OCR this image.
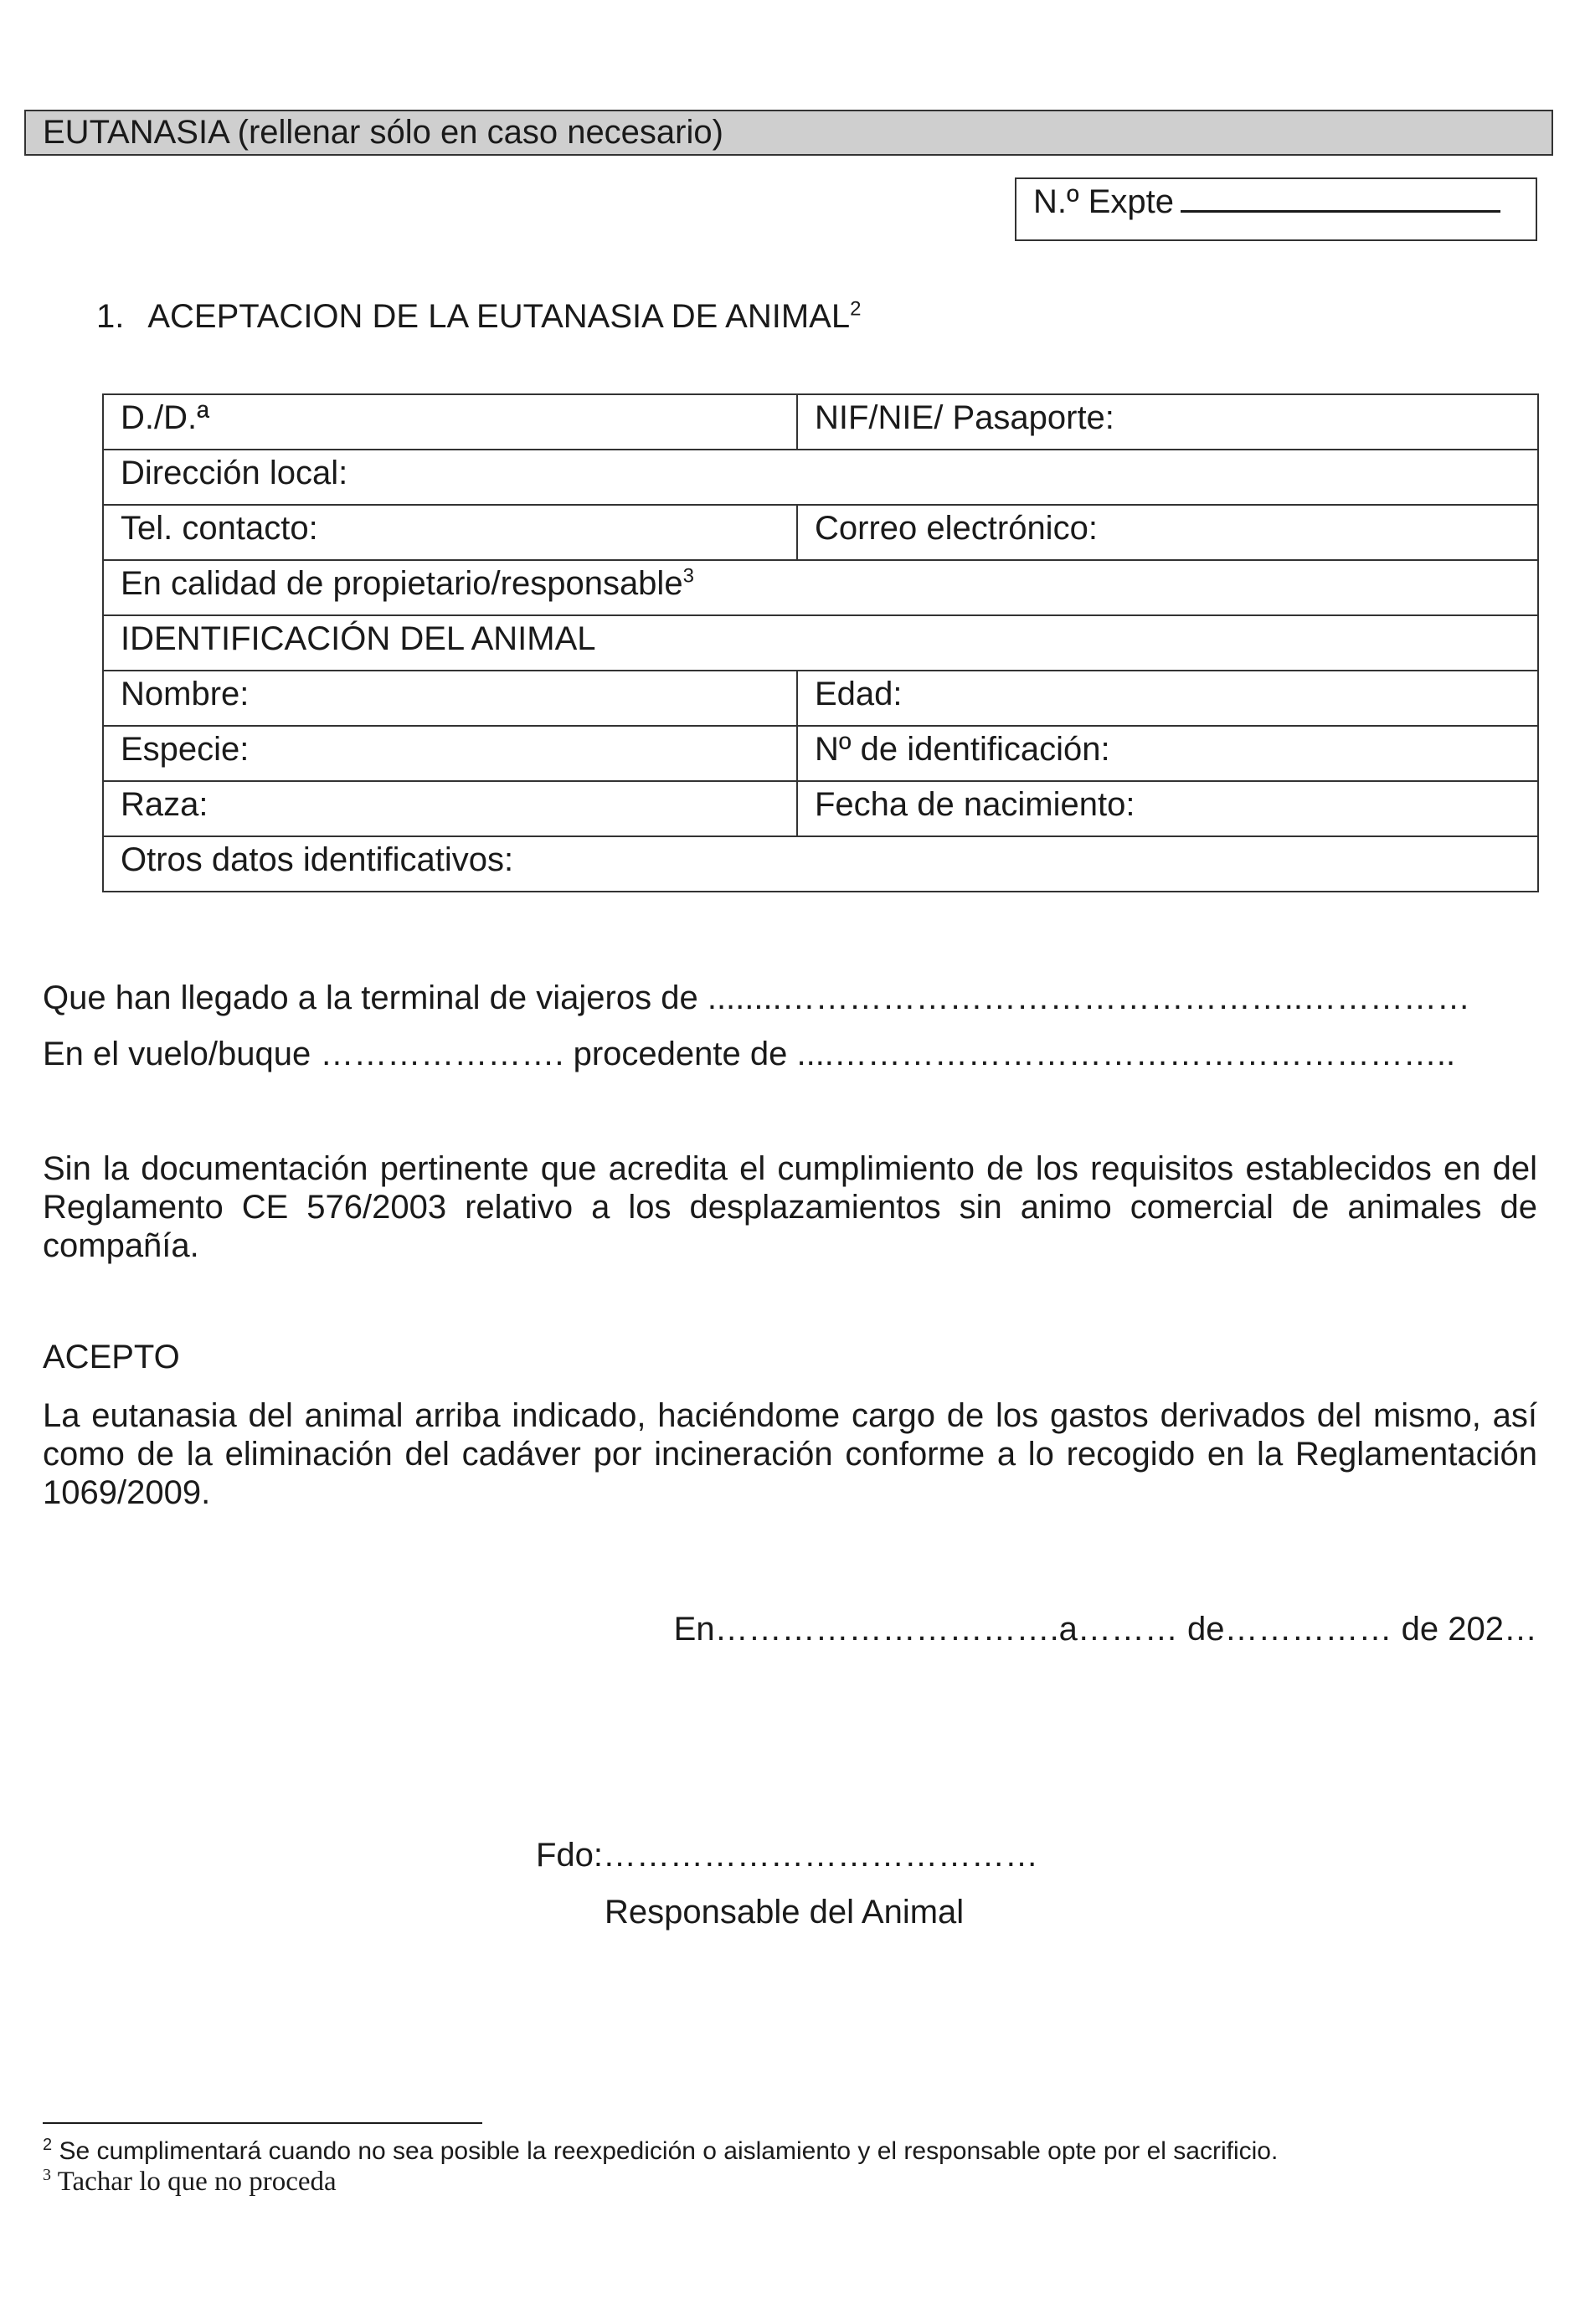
EUTANASIA (rellenar sólo en caso necesario)
N.º Expte
1. ACEPTACION DE LA EUTANASIA DE ANIMAL$^2$
D./D.ª	NIF/NIE/ Pasaporte:
Dirección local:	
Tel. contacto:	Correo electrónico:
En calidad de propietario/responsable$^3$
IDENTIFICACIÓN DEL ANIMAL	
Nombre:	Edad:
Especie:	Nº de identificación:
Raza:	Fecha de nacimiento:
Otros datos identificativos:	
Que han llegado a la terminal de viajeros de ........………………………………………..……………
En el vuelo/buque …………………. procedente de ....………………………………………………..
Sin la documentación pertinente que acredita el cumplimiento de los requisitos establecidos en del Reglamento CE 576/2003 relativo a los desplazamientos sin animo comercial de animales de compañía.
ACEPTO
La eutanasia del animal arriba indicado, haciéndome cargo de los gastos derivados del mismo, así como de la eliminación del cadáver por incineración conforme a lo recogido en la Reglamentación 1069/2009.
En………………………….a……… de…………… de 202…
Fdo:…………………………………
Responsable del Animal
$^2$ Se cumplimentará cuando no sea posible la reexpedición o aislamiento y el responsable opte por el sacrificio.
$^3$ Tachar lo que no proceda
